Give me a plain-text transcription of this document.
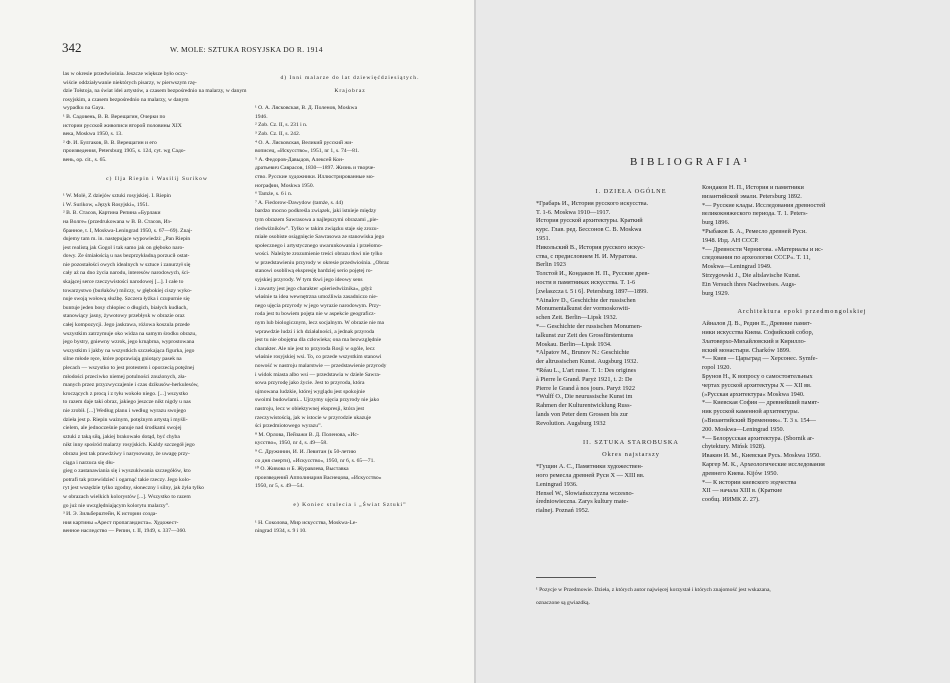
342	W. MOLE: SZTUKA ROSYJSKA DO R. 1914

las w okresie przedwiośnia. Jeszcze większe było oczy-

wiście oddziaływanie niektórych pisarzy, w pierwszym rzę-

dzie Tołstoja, na świat idei artystów, a czasem bezpośrednio na malarzy, w danym

rosyjskim, a czasem bezpośrednio na malarzy, w danym

wypadku na Gaya.

¹ В. Садовень, В. В. Верещагин, Очерки по

истории русской живописи второй половины XIX

века, Moskwa 1950, s. 13.

² Ф. И. Булгаков, В. В. Верещагин и его

произведения, Petersburg 1905, s. 124, cyt. wg Садо-

вень, op. cit., s. 65.

c) Ilja Riepin i Wasilij Surikow

¹ W. Molè, Z dziejów sztuki rosyjskiej. I. Riepin

i W. Surikow, »Język Rosyjski«, 1951.

² В. В. Стасов, Картина Репина »Бурлаки

на Волге« (przedrukowana w В. В. Стасов, Из-

бранное, t. I, Moskwa-Leningrad 1950, s. 67—69). Znaj-

dujemy tam m. in. następujące wypowiedzi: „Pan Riepin

jest realistą jak Gogol i tak samo jak on głęboko naro-

dowy. Ze śmiałością u nas bezprzykładną porzucił ostat-

nie pozostałości owych idealnych w sztuce i zanurzył się

cały aż na dno życia narodu, interesów narodowych, ści-

skającej serce rzeczywistości narodowej [...]. I całe to

towarzystwo (burłaków) milczy, w głębokiej ciszy wyko-

nuje swoją wołową służbę. Szczera łyżka i czupurnie się

buntuje jeden bosy chłopiec o długich, białych kudłach,

stanowiący jasny, żywotowy przebłysk w obrazie oraz

całej kompozycji. Jego jaskrawa, różowa koszula przede

wszystkim zatrzymuje oko widza na samym środku obrazu,

jego bystry, gniewny wzrok, jego krnąbrna, wyprostowana

wszystkim i jakby na wszystkich szczekająca figurka, jego

silne młode ręce, które poprawiają gniotący pasek na

plecach — wszystko to jest protestem i oporzecią potężnej

młodości przeciwko niemej potulności znużonych, zła-

manych przez przyzwyczajenie i czas dzikusów-herkulesów,

kroczących z procą i z tyłu wokoło niego. [...] wszystko

to razem daje taki obraz, jakiego jeszcze nikt nigdy u nas

nie zrobił. [...] Według planu i według wyrazu swojego

dzieła jest p. Riepin ważnym, potężnym artystą i myśli-

cielem, ale jednocześnie panuje nad środkami swojej

sztuki z taką siłą, jakiej brakowało dotąd, być chyba

nikt inny spośród malarzy rosyjskich. Każdy szczegół jego

obrazu jest tak prawdziwy i narysowany, że uwagę przy-

ciąga i narzuca się dłu-

gieg o zastanawiania się i wyszukiwania szczegółów, kto

potrafi tak przewidzieć i ogarnąć takie rzeczy. Jego kolo-

ryt jest wszędzie tylko zgodny, słoneczny i silny, jak żyła tylko

w obrazach wielkich kolorystów [...]. Wszystko to razem

go już nie uwzględniającym kolorytu malarzy”.

³ И. Э. Зильберштейн, К истории созда-

ния картины »Арест пропагандиста«. Художест-

венное наследство — Репин, t. II, 1949, s. 337—360.

d) Inni malarze do lat dziewięćdziesiątych.

Krajobraz

¹ О. А. Лясковская, В. Д. Поленов, Moskwa

1946.

² Zob. Сz. II, s. 231 i n.

³ Zob. Сz. II, s. 242.

⁴ О. А. Лясковская, Великий русский жи-

вописец, »Искусство«, 1951, nr 1, s. 74—81.

⁵ А. Федоров-Давыдов, Алексей Кон-

дратьевич Саврасов, 1830—1897. Жизнь и творче-

ство. Русские художники. Иллюстрированные мо-

нографии, Moskwa 1950.

⁶ Tamże, s. 6 i n.

⁷ A. Fiedorow-Dawydow (tamże, s. 44)

bardzo mocno podkreśla związek, jaki istnieje między

tym obrazem Sawrasowa a najlepszymi obrazami „pie-

riedwiżników”. Tylko w takim związku staje się zrozu-

miałe osobiste osiągnięcie Sawrasowa ze stanowiska jego

społecznego i artystycznego uwarunkowania i przełomo-

wości. Należyte zrozumienie treści obrazu tkwi nie tylko

w przedstawieniu przyrody w okresie przedwiośnia. „Obraz

stanowi osobliwą ekspresję bardziej serio pojętej ro-

syjskiej przyrody. W tym tkwi jego ideowy sens

i zawarty jest jego charakter «pieriedwiżnika», gdyż

właśnie ta idea wewnętrzna umożliwia zasadniczo nie-

nego ujęcia przyrody w jego wyrazie narodowym. Przy-

roda jest tu bowiem pojęta nie w aspekcie geograficz-

nym lub biologicznym, lecz socjalnym. W obrazie nie ma

wprawdzie ludzi i ich działalności, a jednak przyroda

jest tu nie obojętna dla człowieka; ona ma bezwzględnie

charakter. Ale nie jest to przyroda Rosji w ogóle, lecz

właśnie rosyjskiej wsi. To, co przede wszystkim stanowi

nowość w nastroju malarstwie — przedstawienie przyrody

i widok miasta albo wsi — przedstawia w dziele Sawra-

sowa przyrodę jako życie. Jest to przyroda, która

ujmowana ludzkie, której wyglądu jest spokojnie

swoimi budowlami... Ujrzymy ujęcia przyrody nie jako

nastroju, lecz w obiektywnej ekspresji, która jest

rzeczywistością, jak w istocie w przyrodzie ukazuje

ści przedmiotowego wyrazu”.

⁸ М. Орлова, Пейзажи В. Д. Поленова, »Ис-

кусство«, 1950, nr 4, s. 49—58.

⁹ С. Дружинин, И. И. Левитан (к 50-летию

со дня смерти), »Искусство«, 1950, nr 6, s. 65—71.

¹⁰ О. Живова и Б. Журавлева, Выставка

произведений Апполинария Васнецова, »Искусство«

1950, nr 5, s. 49—54.

e) Koniec stulecia i „Świat Sztuki”

¹ Н. Соколова, Мир искусства, Moskwa-Le-

ningrad 1934, s. 9 i 10.

BIBLIOGRAFIA¹

I. DZIEŁA OGÓLNE

*Грабарь И., История русского искусства.

T. 1-6. Moskwa 1910—1917.

История русской архитектуры. Краткий

курс. Глав. ред. Бессонов С. В. Moskwa

1951.

Никольский В., История русского искус-

ства, с предисловием Н. И. Муратова.

Berlin 1923

Толстой И., Кондаков Н. П., Русские древ-

ности в памятниках искусства. T. 1-6

[zwłaszcza t. 5 i 6]. Petersburg 1897—1899.

*Ainalov D., Geschichte der russischen

Monumentalkunst der vormoskowiti-

schen Zeit. Berlin—Lipsk 1932.

*— Geschichte der russischen Monumen-

talkunst zur Zeit des Grossfürstentums

Moskau. Berlin—Lipsk 1934.

*Alpatov M., Brunov N.: Geschichte

der altrussischen Kunst. Augsburg 1932.

*Réau L., L'art russe. T. 1: Des origines

à Pierre le Grand. Paryż 1921, t. 2: De

Pierre le Grand à nos jours. Paryż 1922

*Wulff O., Die neurussische Kunst im

Rahmen der Kulturentwicklung Russ-

lands von Peter dem Grossen bis zur

Revolution. Augsburg 1932

II. SZTUKA STAROBUSKA

Okres najstarszy

*Гущин А. С., Памятники художествен-

ного ремесла древней Руси X — XIII вв.

Leningrad 1936.

Hensel W., Słowiańszczyzna wczesno-

średniowieczna. Zarys kultury mate-

rialnej. Poznań 1952.

Кондаков Н. П., История и памятники

византийской эмали. Petersburg 1892.

*— Русские клады. Исследования древностей

великокняжеского периода. T. 1. Peters-

burg 1896.

*Рыбаков Б. А., Ремесло древней Руси.

1948. Изд. АН СССР.

*— Древности Чернигова. »Материалы и ис-

следования по археологии СССР«. T. 11,

Moskwa—Leningrad 1949.

Strzygowski J., Die altslavische Kunst.

Ein Versuch ihres Nachweises. Augs-

burg 1929.

Architektura epoki przedmongolskiej

Айналов Д. В., Редин Е., Древние памят-

ники искусства Киева. Софийский собор,

Златоверхо-Михайловский и Кирилло-

вский монастыри. Charków 1899.

*— Киев — Царьград — Херсонес. Symfe-

ropol 1920.

Брунов Н., К вопросу о самостоятельных

чертах русской архитектуры X — XII вв.

(»Русская архитектура« Moskwa 1940.

*— Киевская София — древнейший памят-

ник русской каменной архитектуры.

(»Византийский Временник«. T. 3 s. 154—

200. Moskwa—Leningrad 1950.

*— Белорусская архитектура. (Sbornik ar-

chytektury. Mińsk 1928).

Ивакин И. М., Киевская Русь. Moskwa 1950.

Каргер М. К., Археологические исследования

древнего Киева. Kijów 1950.

*— К истории киевского зодчества

XII — начала XIII в. (Краткие

сообщ. ИИМК Z. 27).

¹ Pozycje w Przedmowie. Dzieła, z których autor najwięcej korzystał i których znajomość jest wskazana,

oznaczone są gwiazdką.
